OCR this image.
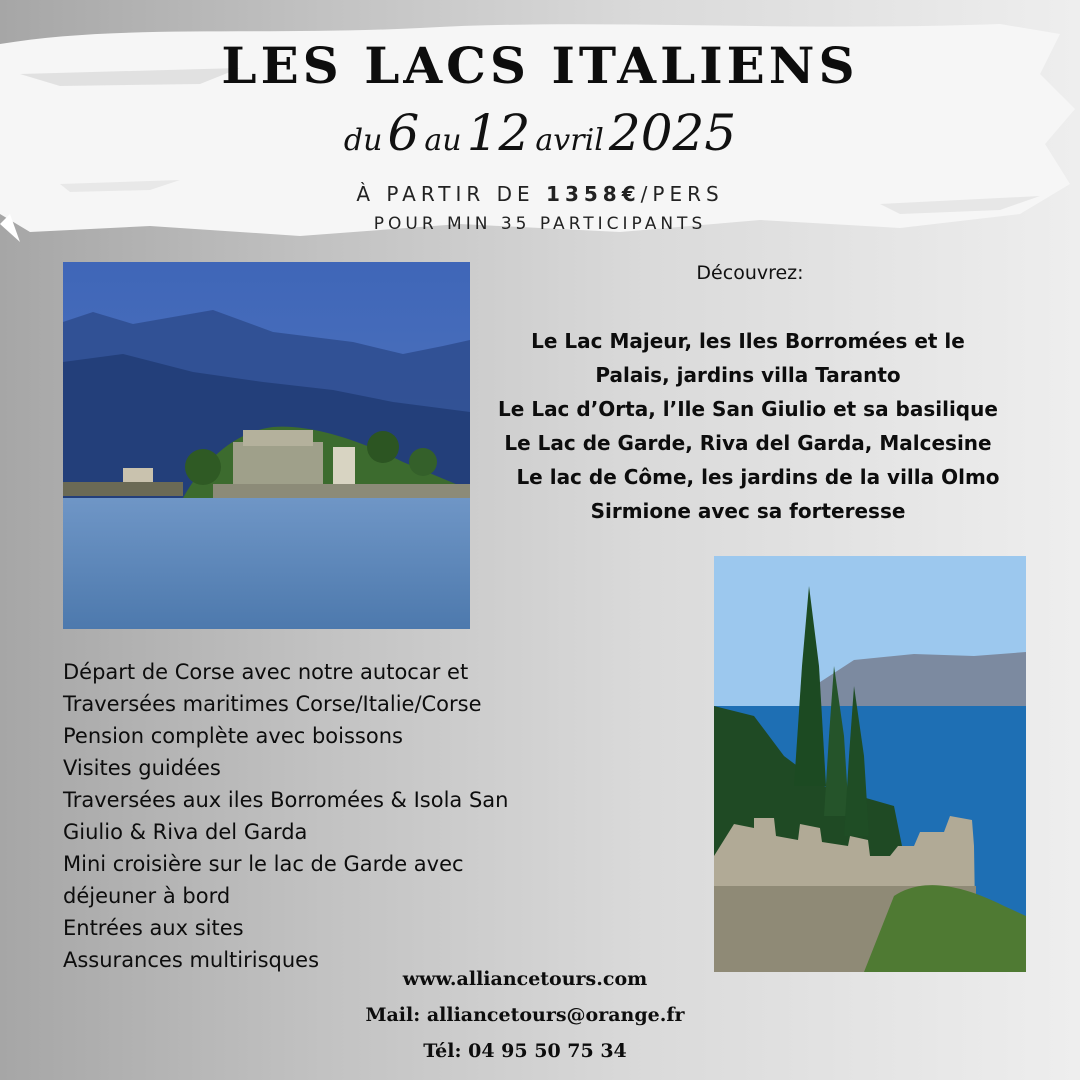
LES LACS ITALIENS
du 6 au 12 avril 2025
À PARTIR DE 1358€/PERS
POUR MIN 35 PARTICIPANTS
Découvrez:
Le Lac Majeur, les Iles Borromées et le
Palais, jardins villa Taranto
Le Lac d’Orta, l’Ile San Giulio et sa basilique
Le Lac de Garde, Riva del Garda, Malcesine
Le lac de Côme, les jardins de la villa Olmo
Sirmione avec sa forteresse
Départ de Corse avec notre autocar et
Traversées maritimes Corse/Italie/Corse
Pension complète avec boissons
Visites guidées
Traversées aux iles Borromées & Isola San
Giulio & Riva del Garda
Mini croisière sur le lac de Garde avec
déjeuner à bord
Entrées aux sites
Assurances multirisques
www.alliancetours.com
Mail: alliancetours@orange.fr
Tél: 04 95 50 75 34
